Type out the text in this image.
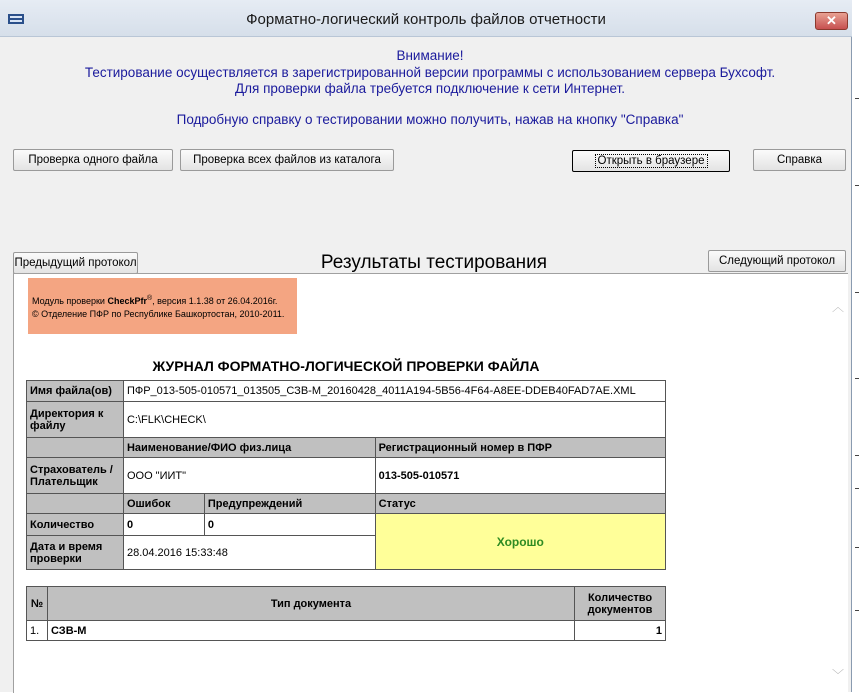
Форматно-логический контроль файлов отчетности	✕
Внимание!
Тестирование осуществляется в зарегистрированной версии программы с использованием сервера Бухсофт.
Для проверки файла требуется подключение к сети Интернет.
Подробную справку о тестировании можно получить, нажав на кнопку "Справка"
Проверка одного файла	Проверка всех файлов из каталога	Открыть в браузере	Справка
Предыдущий протокол	Результаты тестирования	Следующий протокол
︿
﹀
Модуль проверки CheckPfr®, версия 1.1.38 от 26.04.2016г.
© Отделение ПФР по Республике Башкортостан, 2010-2011.
ЖУРНАЛ ФОРМАТНО-ЛОГИЧЕСКОЙ ПРОВЕРКИ ФАЙЛА
Имя файла(ов)	ПФР_013-505-010571_013505_СЗВ-М_20160428_4011A194-5B56-4F64-A8EE-DDEB40FAD7AE.XML		
Директория к файлу	C:\FLK\CHECK\		
	Наименование/ФИО физ.лица		Регистрационный номер в ПФР
Страхователь / Плательщик	ООО "ИИТ"		013-505-010571
	Ошибок	Предупреждений	Статус
Количество	0	0	Хорошо
Дата и время проверки	28.04.2016 15:33:48		
№	Тип документа	Количество документов
1.	СЗВ-М	1
